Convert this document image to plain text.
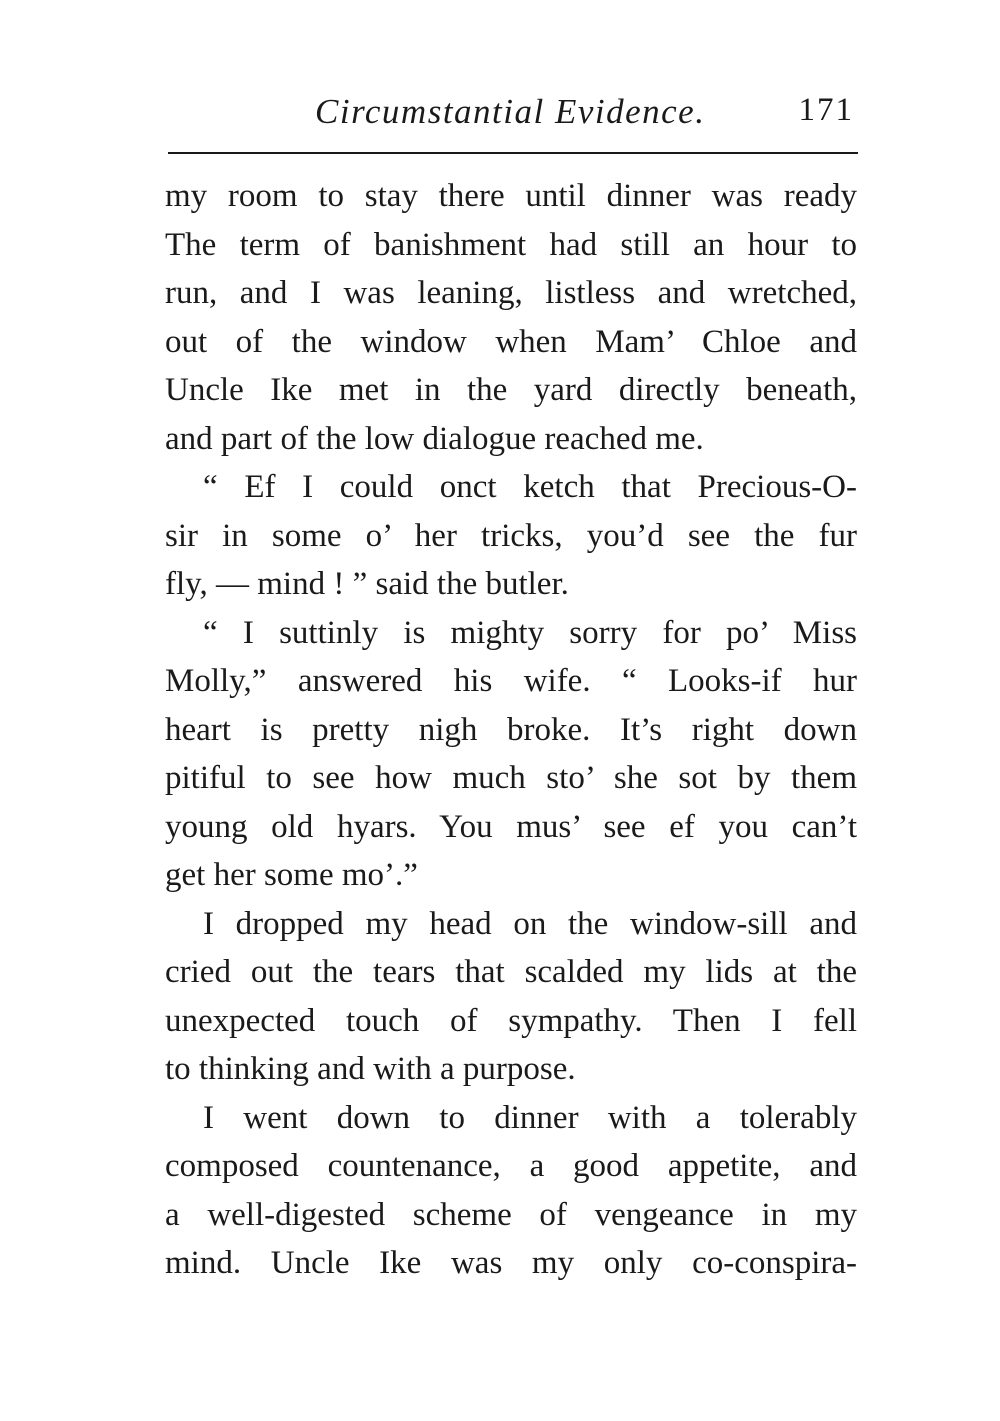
Circumstantial Evidence.	171
my room to stay there until dinner was ready
The term of banishment had still an hour to
run, and I was leaning, listless and wretched,
out of the window when Mam’ Chloe and
Uncle Ike met in the yard directly beneath,
and part of the low dialogue reached me.
“ Ef I could onct ketch that Precious-O-
sir in some o’ her tricks, you’d see the fur
fly, — mind ! ” said the butler.
“ I suttinly is mighty sorry for po’ Miss
Molly,” answered his wife. “ Looks-if hur
heart is pretty nigh broke. It’s right down
pitiful to see how much sto’ she sot by them
young old hyars. You mus’ see ef you can’t
get her some mo’.”
I dropped my head on the window-sill and
cried out the tears that scalded my lids at the
unexpected touch of sympathy. Then I fell
to thinking and with a purpose.
I went down to dinner with a tolerably
composed countenance, a good appetite, and
a well-digested scheme of vengeance in my
mind. Uncle Ike was my only co-conspira-
